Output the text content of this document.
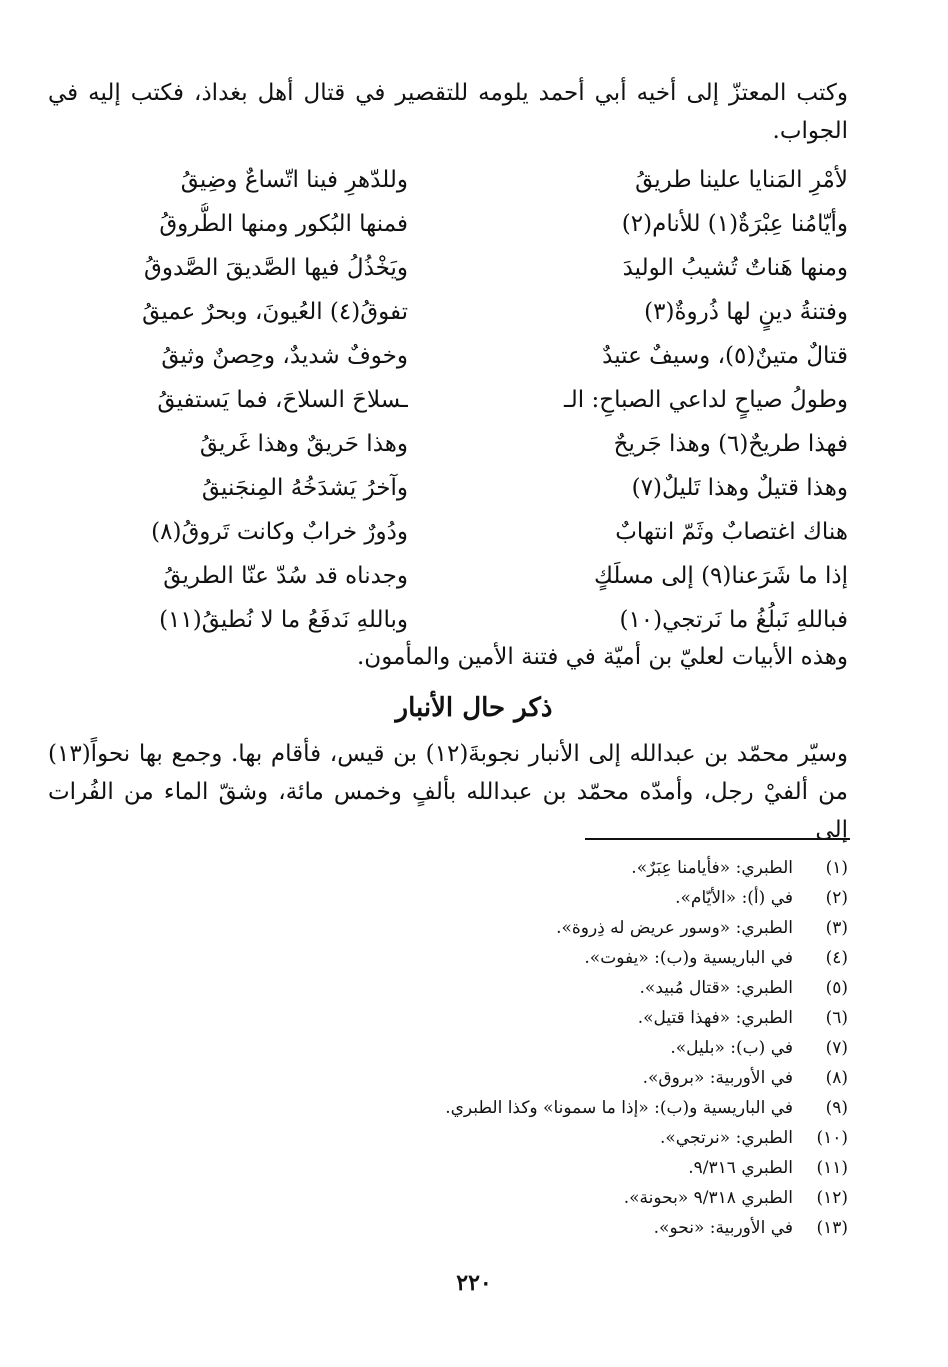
وكتب المعتزّ إلى أخيه أبي أحمد يلومه للتقصير في قتال أهل بغداذ، فكتب إليه في الجواب.
لأمْرِ المَنايا علينا طريقُ
وللدّهرِ فينا اتّساعٌ وضِيقُ
وأيّامُنا عِبْرَةٌ(١) للأنام(٢)
فمنها البُكور ومنها الطُّروقُ
ومنها هَناتٌ تُشيبُ الوليدَ
ويَخْذُلُ فيها الصَّديقَ الصَّدوقُ
وفتنةُ دينٍ لها ذُروةٌ(٣)
تفوقُ(٤) العُيونَ، وبحرٌ عميقُ
قتالٌ متينٌ(٥)، وسيفٌ عتيدٌ
وخوفٌ شديدٌ، وحِصنٌ وثيقُ
وطولُ صياحٍ لداعي الصباحِ: الـ
ـسلاحَ السلاحَ، فما يَستفيقُ
فهذا طريحٌ(٦) وهذا جَريحٌ
وهذا حَريقٌ وهذا غَريقُ
وهذا قتيلٌ وهذا تَليلٌ(٧)
وآخرُ يَشدَخُهُ المِنجَنيقُ
هناك اغتصابٌ وثَمّ انتهابٌ
ودُورٌ خرابٌ وكانت تَروقُ(٨)
إذا ما شَرَعنا(٩) إلى مسلَكٍ
وجدناه قد سُدّ عنّا الطريقُ
فباللهِ نَبلُغُ ما نَرتجي(١٠)
وباللهِ نَدفَعُ ما لا نُطيقُ(١١)
وهذه الأبيات لعليّ بن أميّة في فتنة الأمين والمأمون.
ذكر حال الأنبار
وسيّر محمّد بن عبدالله إلى الأنبار نجوبةَ(١٢) بن قيس، فأقام بها. وجمع بها نحواً(١٣) من ألفيْ رجل، وأمدّه محمّد بن عبدالله بألفٍ وخمس مائة، وشقّ الماء من الفُرات إلى
(١)
الطبري: «فأيامنا عِبَرٌ».
(٢)
في (أ): «الأيّام».
(٣)
الطبري: «وسور عريض له ذِروة».
(٤)
في الباريسية و(ب): «يفوت».
(٥)
الطبري: «قتال مُبيد».
(٦)
الطبري: «فهذا قتيل».
(٧)
في (ب): «بليل».
(٨)
في الأوربية: «بروق».
(٩)
في الباريسية و(ب): «إذا ما سمونا» وكذا الطبري.
(١٠)
الطبري: «نرتجي».
(١١)
الطبري ٩/٣١٦.
(١٢)
الطبري ٩/٣١٨ «بحونة».
(١٣)
في الأوربية: «نحو».
٢٢٠
